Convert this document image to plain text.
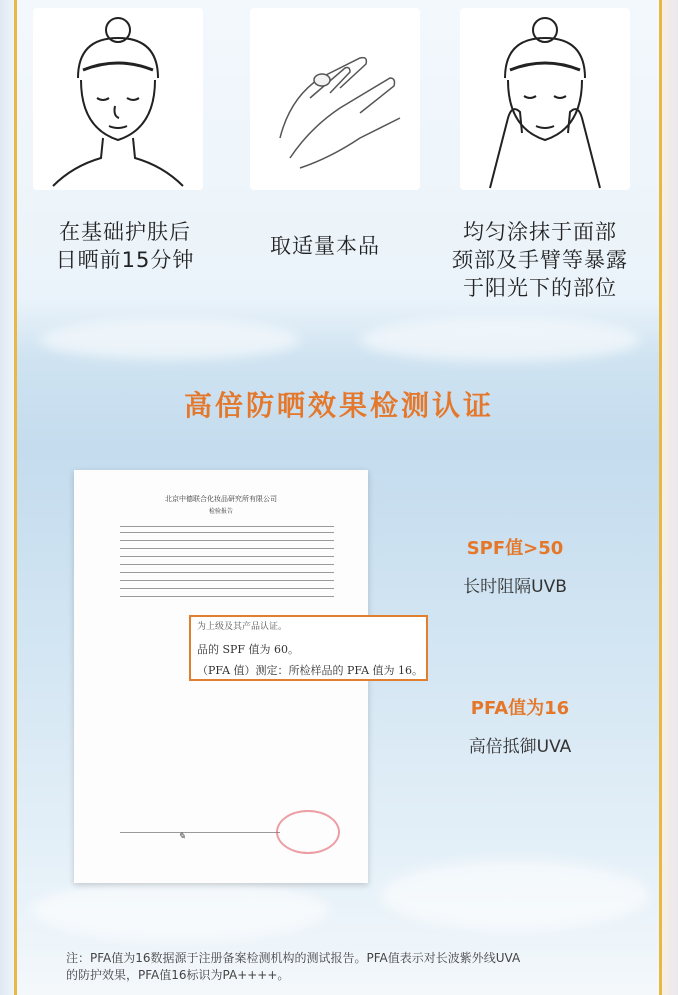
在基础护肤后
日晒前15分钟
取适量本品
均匀涂抹于面部
颈部及手臂等暴露
于阳光下的部位
高倍防晒效果检测认证
北京中德联合化妆品研究所有限公司
检验报告
✎
为上级及其产品认证。
品的 SPF 值为 60。
（PFA 值）测定：所检样品的 PFA 值为 16。
SPF值>50
长时阻隔UVB
PFA值为16
高倍抵御UVA
注：PFA值为16数据源于注册备案检测机构的测试报告。PFA值表示对长波紫外线UVA
的防护效果，PFA值16标识为PA++++。
